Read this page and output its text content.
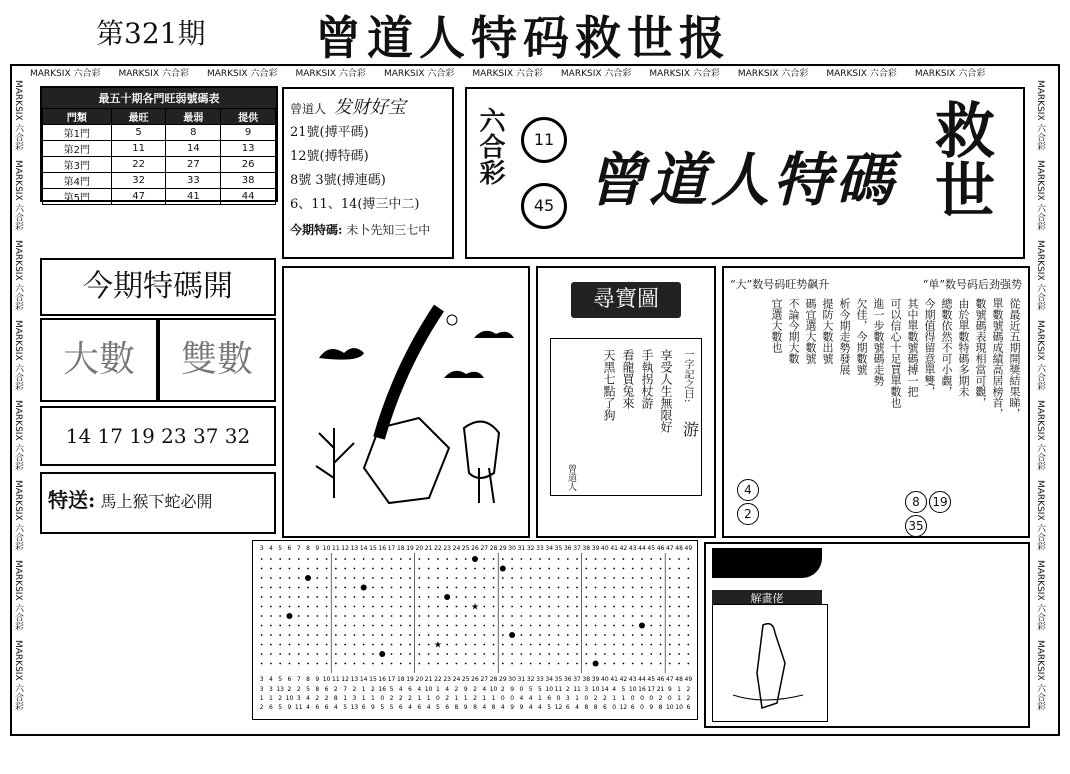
第321期 曾道人特码救世报
MARKSIX 六合彩 MARKSIX 六合彩 MARKSIX 六合彩 MARKSIX 六合彩 MARKSIX 六合彩 MARKSIX 六合彩 MARKSIX 六合彩 MARKSIX 六合彩 MARKSIX 六合彩 MARKSIX 六合彩 MARKSIX 六合彩
MARKSIX 六合彩
MARKSIX 六合彩
MARKSIX 六合彩
MARKSIX 六合彩
MARKSIX 六合彩
MARKSIX 六合彩
MARKSIX 六合彩
MARKSIX 六合彩
MARKSIX 六合彩
MARKSIX 六合彩
MARKSIX 六合彩
MARKSIX 六合彩
MARKSIX 六合彩
MARKSIX 六合彩
MARKSIX 六合彩
MARKSIX 六合彩
最五十期各門旺弱號碼表
門類	最旺	最弱	提供
第1門	5	8	9
第2門	11	14	13
第3門	22	27	26
第4門	32	33	38
第5門	47	41	44
曾道人 发财好宝
21號(搏平碼)
12號(搏特碼)
8號 3號(搏連碼)
6、11、14(搏三中二)
今期特碼: 未卜先知三七中
六合彩	11
45 曾道人特碼 救世
今期特碼開
大數	雙數
14 17 19 23 37 32
特送: 馬上猴下蛇必開
尋寶圖
一字記之曰:
游
享受人生無限好
手執拐杖游
看龍買兔來
天黑七點了狗
曾道人
“大”数号码旺势飙升	“单”数号码后劲强势
從最近五期開獎結果睇，
單數號碼成績高居榜首，
數號碼表現相當可觀，
由於單數特碼多期未
總數依然不可小覷，
今期值得留意單雙，
其中單數號碼搏一把
可以信心十足買單數也
進一步數號碼走勢
欠佳，今期數號
析今期走勢發展
提防大數出號
碼宜選大數號
不論今期大數
宜選大數也
42
8 1935
3 4 5 6 7 8 9 10 11 12 13 14 15 16 17 18 19 20 21 22 23 24 25 26 27 28 29 30 31 32 33 34 35 36 37 38 39 40 41 42 43 44 45 46 47 48 49
3 4 5 6 7 8 9 10 11 12 13 14 15 16 17 18 19 20 21 22 23 24 25 26 27 28 29 30 31 32 33 34 35 36 37 38 39 40 41 42 43 44 45 46 47 48 49
★
★
3 3 13 2 2 5 8 6 2 7 2 1 2 16 5 4 6 4 10 1 4 2 9 2 4 10 2 9 0 5 5 10 11 2 11 3 10 14 4 5 10 16 17 21 9 1 2
1 1 2 10 3 4 2 2 8 1 3 1 1 0 2 2 2 1 1 0 2 1 1 2 1 1 0 0 4 4 1 6 0 3 1 0 2 2 1 1 0 0 0 2 0 1 2
2 6 5 9 11 4 6 6 4 5 13 6 9 5 5 6 4 6 4 5 6 8 9 8 4 8 4 9 9 4 4 5 12 6 4 8 8 6 0 12 6 0 9 8 10 10 6
解畫佬
